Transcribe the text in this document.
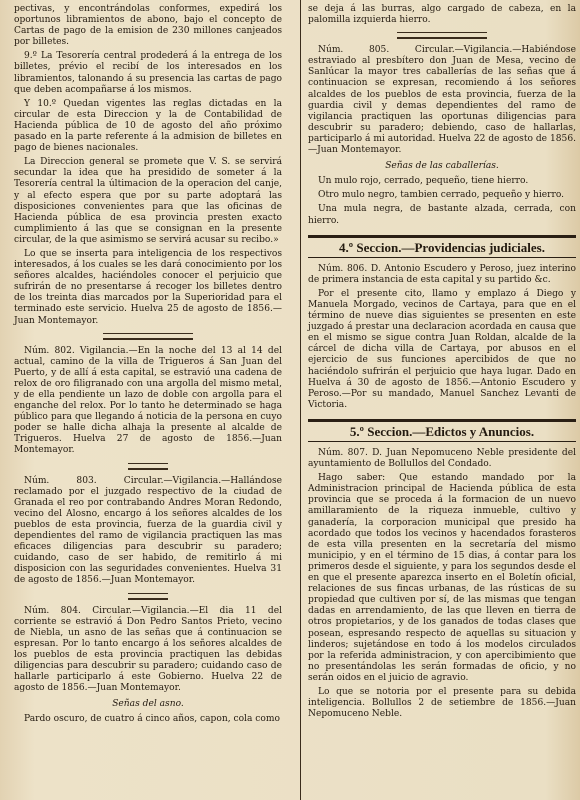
pectivas, y encontrándolas conformes, expedirá los oportunos libramientos de abono, bajo el concepto de Cartas de pago de la emision de 230 millones canjeados por billetes.

9.º La Tesorería central prodederá á la entrega de los billetes, prévio el recibí de los interesados en los libramientos, talonando á su presencia las cartas de pago que deben acompañarse á los mismos.

Y 10.º Quedan vigentes las reglas dictadas en la circular de esta Direccion y la de Contabilidad de Hacienda pública de 10 de agosto del año próximo pasado en la parte referente á la admision de billetes en pago de bienes nacionales.

La Direccion general se promete que V. S. se servirá secundar la idea que ha presidido de someter á la Tesorería central la últimacion de la operacion del canje, y al efecto espera que por su parte adoptará las disposiciones convenientes para que las oficinas de Hacienda pública de esa provincia presten exacto cumplimiento á las que se consignan en la presente circular, de la que asimismo se servirá acusar su recibo.»

Lo que se inserta para inteligencia de los respectivos interesados, á los cuales se les dará conocimiento por los señores alcaldes, haciéndoles conocer el perjuicio que sufrirán de no presentarse á recoger los billetes dentro de los treinta dias marcados por la Superioridad para el terminado este servicio. Huelva 25 de agosto de 1856.—Juan Montemayor.

Núm. 802. Vigilancia.—En la noche del 13 al 14 del actual, camino de la villa de Trigueros á San Juan del Puerto, y de allí á esta capital, se estravió una cadena de relox de oro filigranado con una argolla del mismo metal, y de ella pendiente un lazo de doble con argolla para el enganche del relox. Por lo tanto he determinado se haga público para que llegando á noticia de la persona en cuyo poder se halle dicha alhaja la presente al alcalde de Trigueros. Huelva 27 de agosto de 1856.—Juan Montemayor.

Núm. 803. Circular.—Vigilancia.—Hallándose reclamado por el juzgado respectivo de la ciudad de Granada el reo por contrabando Andres Moran Redondo, vecino del Alosno, encargo á los señores alcaldes de los pueblos de esta provincia, fuerza de la guardia civil y dependientes del ramo de vigilancia practiquen las mas eficaces diligencias para descubrir su paradero; cuidando, caso de ser habido, de remitirlo á mi disposicion con las seguridades convenientes. Huelva 31 de agosto de 1856.—Juan Montemayor.

Núm. 804. Circular.—Vigilancia.—El dia 11 del corriente se estravió á Don Pedro Santos Prieto, vecino de Niebla, un asno de las señas que á continuacion se espresan. Por lo tanto encargo á los señores alcaldes de los pueblos de esta provincia practiquen las debidas diligencias para descubrir su paradero; cuidando caso de hallarle participarlo á este Gobierno. Huelva 22 de agosto de 1856.—Juan Montemayor.

Señas del asno.

Pardo oscuro, de cuatro á cinco años, capon, cola como

se deja á las burras, algo cargado de cabeza, en la palomilla izquierda hierro.

Núm. 805. Circular.—Vigilancia.—Habiéndose estraviado al presbítero don Juan de Mesa, vecino de Sanlúcar la mayor tres caballerías de las señas que á continuacion se expresan, recomiendo á los señores alcaldes de los pueblos de esta provincia, fuerza de la guardia civil y demas dependientes del ramo de vigilancia practiquen las oportunas diligencias para descubrir su paradero; debiendo, caso de hallarlas, participarlo á mi autoridad. Huelva 22 de agosto de 1856.—Juan Montemayor.

Señas de las caballerías.

Un mulo rojo, cerrado, pequeño, tiene hierro.

Otro mulo negro, tambien cerrado, pequeño y hierro.

Una mula negra, de bastante alzada, cerrada, con hierro.

4.º Seccion.—Providencias judiciales.

Núm. 806. D. Antonio Escudero y Peroso, juez interino de primera instancia de esta capital y su partido &c.

Por el presente cito, llamo y emplazo á Diego y Manuela Morgado, vecinos de Cartaya, para que en el término de nueve dias siguientes se presenten en este juzgado á prestar una declaracion acordada en causa que en el mismo se sigue contra Juan Roldan, alcalde de la cárcel de dicha villa de Cartaya, por abusos en el ejercicio de sus funciones apercibidos de que no haciéndolo sufrirán el perjuicio que haya lugar. Dado en Huelva á 30 de agosto de 1856.—Antonio Escudero y Peroso.—Por su mandado, Manuel Sanchez Levanti de Victoria.

5.º Seccion.—Edictos y Anuncios.

Núm. 807. D. Juan Nepomuceno Neble presidente del ayuntamiento de Bollullos del Condado.

Hago saber: Que estando mandado por la Administracion principal de Hacienda pública de esta provincia que se proceda á la formacion de un nuevo amillaramiento de la riqueza inmueble, cultivo y ganadería, la corporacion municipal que presido ha acordado que todos los vecinos y hacendados forasteros de esta villa presenten en la secretaría del mismo municipio, y en el término de 15 dias, á contar para los primeros desde el siguiente, y para los segundos desde el en que el presente aparezca inserto en el Boletín oficial, relaciones de sus fincas urbanas, de las rústicas de su propiedad que cultiven por sí, de las mismas que tengan dadas en arrendamiento, de las que lleven en tierra de otros propietarios, y de los ganados de todas clases que posean, espresando respecto de aquellas su situacion y linderos; sujetándose en todo á los modelos circulados por la referida administracion, y con apercibimiento que no presentándolas les serán formadas de oficio, y no serán oidos en el juicio de agravio.

Lo que se notoria por el presente para su debida inteligencia. Bollullos 2 de setiembre de 1856.—Juan Nepomuceno Neble.
